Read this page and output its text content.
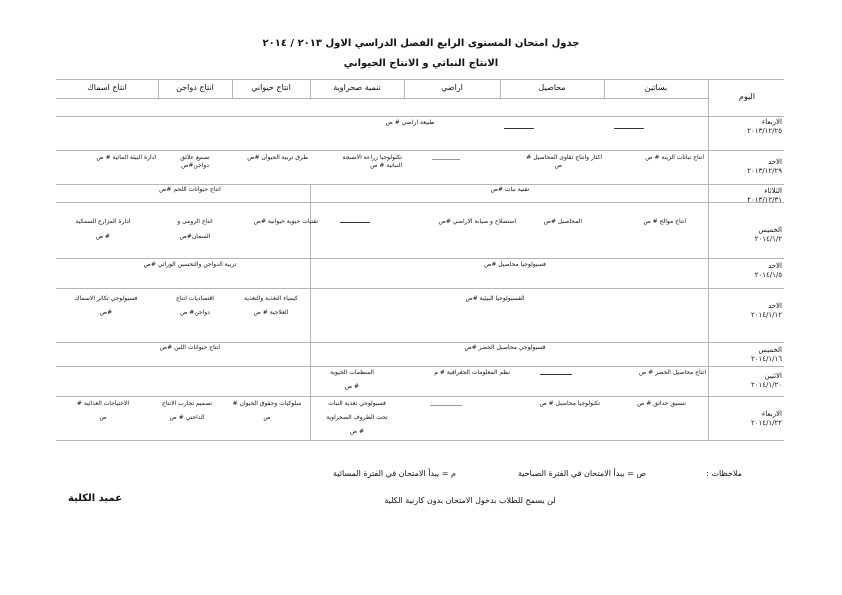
جدول امتحان المستوى الرابع الفصل الدراسي الاول ٢٠١٣ / ٢٠١٤
الانتاج النباتي و الانتاج الحيواني
بساتين
محاصيل
اراضي
تنمية صحراوية
انتاج حيواني
انتاج دواجن
انتاج اسماك
اليوم
الاربعاء
٢٠١٣/١٢/٢٥
الاحد
٢٠١٣/١٢/٢٩
الثلاثاء
٢٠١٣/١٢/٣١
الخميس
٢٠١٤/١/٢
الاحد
٢٠١٤/١/٥
الاحد
٢٠١٤/١/١٢
الخميس
٢٠١٤/١/١٦
الاثنين
٢٠١٤/١/٢٠
الاربعاء
٢٠١٤/١/٢٢
طبيعة اراضي # ص
انتاج نباتات الزينة # ص
اكثار وانتاج تقاوى المحاصيل #
ص
تكنولوجيا زراعة الانسجة
النباتية # ص
طرق تربية الحيوان #ص
تصنيع علائق
دواجن#ص
ادارة البيئة المائية # ص
تقنية نبات #ص
انتاج حيوانات اللحم #ص
انتاج موالح # ص
المحاصيل #ص
استصلاح و صيانة الاراضي #ص
تقنيات حيوية حيوانية #ص
انتاج الرومى و
السمان#ص
ادارة المزارع السمكية
# ص
فسيولوجيا محاصيل #ص
تربية الدواجن والتحسين الوراثي #ص
الفسيولوجيا البيئية #ص
كيمياء التغذية والتغذية
العلاجية # ص
اقتصاديات انتاج
دواجن# ص
فسيولوجي تكاثر الاسماك
#ص
فسيولوجي محاصيل الخضر #ص
انتاج حيوانات اللبن #ص
انتاج محاصيل الخضر # ص
نظم المعلومات الجغرافية # م
المنظمات الحيوية
# ص
تنسيق حدائق # ص
تكنولوجيا محاصيل # ص
فسيولوجي تغذية النبات
تحت الظروف الصحراوية
# ص
سلوكيات وحقوق الحيوان #
ص
تصميم تجارب الانتاج
الداجني # ص
الاحتياجات الغذائية #
ص
ملاحظات :
ص = يبدأ الامتحان في الفترة الصباحية
م = يبدأ الامتحان في الفترة المسائية
لن يسمح للطلاب بدخول الامتحان بدون كارنية الكلية
عميد الكلية
